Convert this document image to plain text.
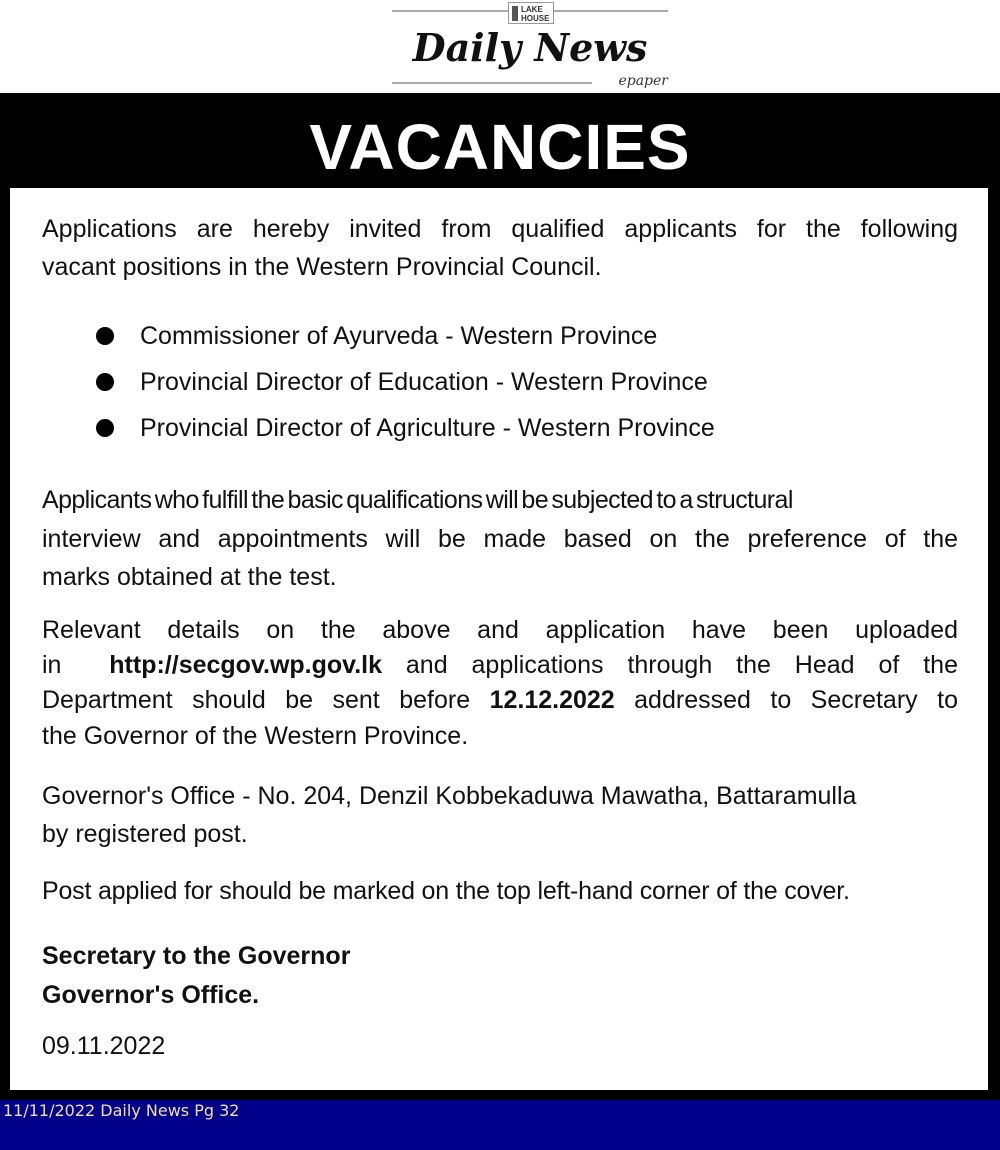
LAKE HOUSE
Daily News
epaper
VACANCIES
Applications are hereby invited from qualified applicants for the following
vacant positions in the Western Provincial Council.
Commissioner of Ayurveda - Western Province
Provincial Director of Education - Western Province
Provincial Director of Agriculture - Western Province
Applicants who fulfill the basic qualifications will be subjected to a structural
interview and appointments will be made based on the preference of the
marks obtained at the test.
Relevant details on the above and application have been uploaded
in http://secgov.wp.gov.lk and applications through the Head of the
Department should be sent before 12.12.2022 addressed to Secretary to
the Governor of the Western Province.
Governor's Office - No. 204, Denzil Kobbekaduwa Mawatha, Battaramulla
by registered post.
Post applied for should be marked on the top left-hand corner of the cover.
Secretary to the Governor
Governor's Office.
09.11.2022
11/11/2022 Daily News Pg 32
